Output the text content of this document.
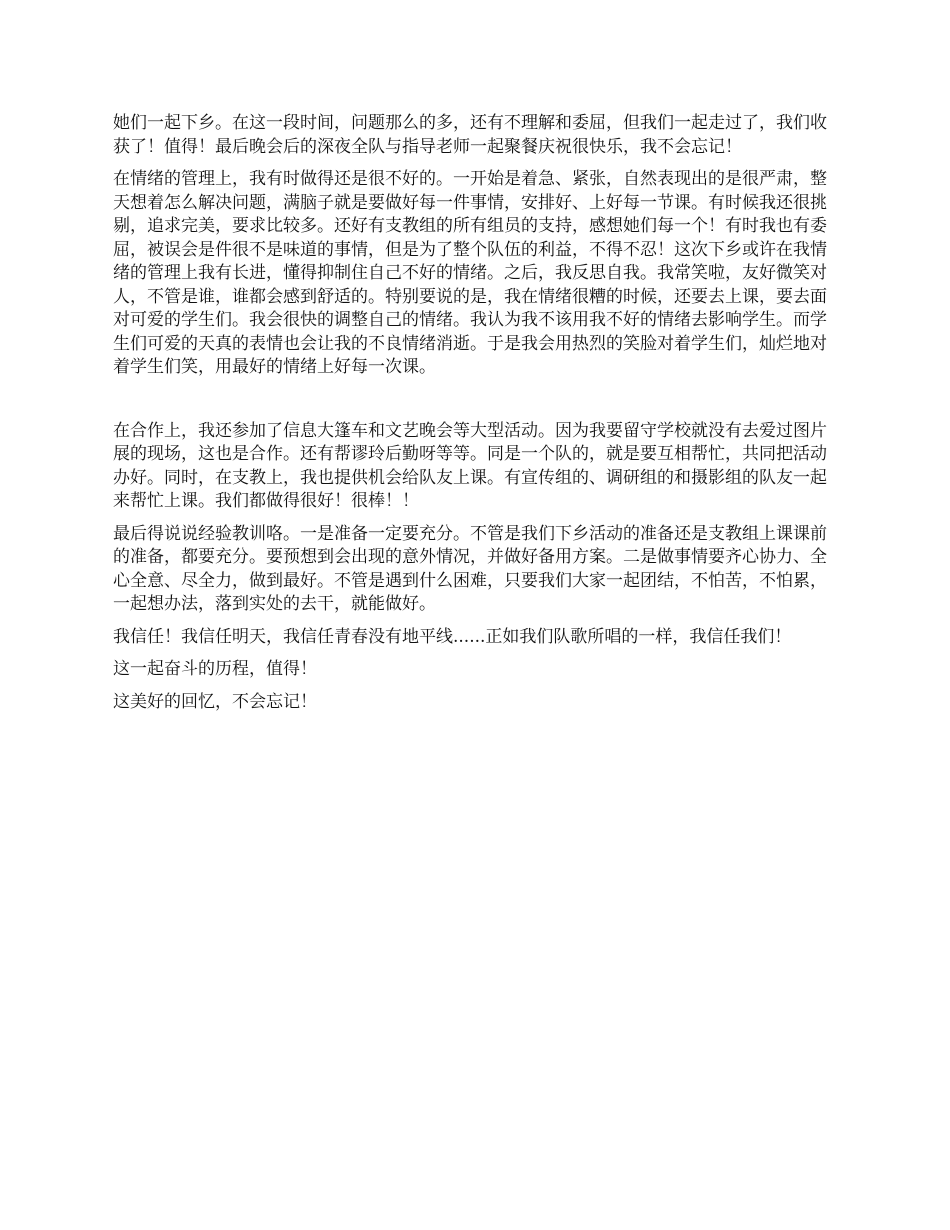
她们一起下乡。在这一段时间，问题那么的多，还有不理解和委屈，但我们一起走过了，我们收获了！值得！最后晚会后的深夜全队与指导老师一起聚餐庆祝很快乐，我不会忘记！

在情绪的管理上，我有时做得还是很不好的。一开始是着急、紧张，自然表现出的是很严肃，整天想着怎么解决问题，满脑子就是要做好每一件事情，安排好、上好每一节课。有时候我还很挑剔，追求完美，要求比较多。还好有支教组的所有组员的支持，感想她们每一个！有时我也有委屈，被误会是件很不是味道的事情，但是为了整个队伍的利益，不得不忍！这次下乡或许在我情绪的管理上我有长进，懂得抑制住自己不好的情绪。之后，我反思自我。我常笑啦，友好微笑对人，不管是谁，谁都会感到舒适的。特别要说的是，我在情绪很糟的时候，还要去上课，要去面对可爱的学生们。我会很快的调整自己的情绪。我认为我不该用我不好的情绪去影响学生。而学生们可爱的天真的表情也会让我的不良情绪消逝。于是我会用热烈的笑脸对着学生们，灿烂地对着学生们笑，用最好的情绪上好每一次课。

在合作上，我还参加了信息大篷车和文艺晚会等大型活动。因为我要留守学校就没有去爱过图片展的现场，这也是合作。还有帮谬玲后勤呀等等。同是一个队的，就是要互相帮忙，共同把活动办好。同时，在支教上，我也提供机会给队友上课。有宣传组的、调研组的和摄影组的队友一起来帮忙上课。我们都做得很好！很棒！！

最后得说说经验教训咯。一是准备一定要充分。不管是我们下乡活动的准备还是支教组上课课前的准备，都要充分。要预想到会出现的意外情况，并做好备用方案。二是做事情要齐心协力、全心全意、尽全力，做到最好。不管是遇到什么困难，只要我们大家一起团结，不怕苦，不怕累，一起想办法，落到实处的去干，就能做好。

我信任！我信任明天，我信任青春没有地平线......正如我们队歌所唱的一样，我信任我们！

这一起奋斗的历程，值得！

这美好的回忆，不会忘记！
